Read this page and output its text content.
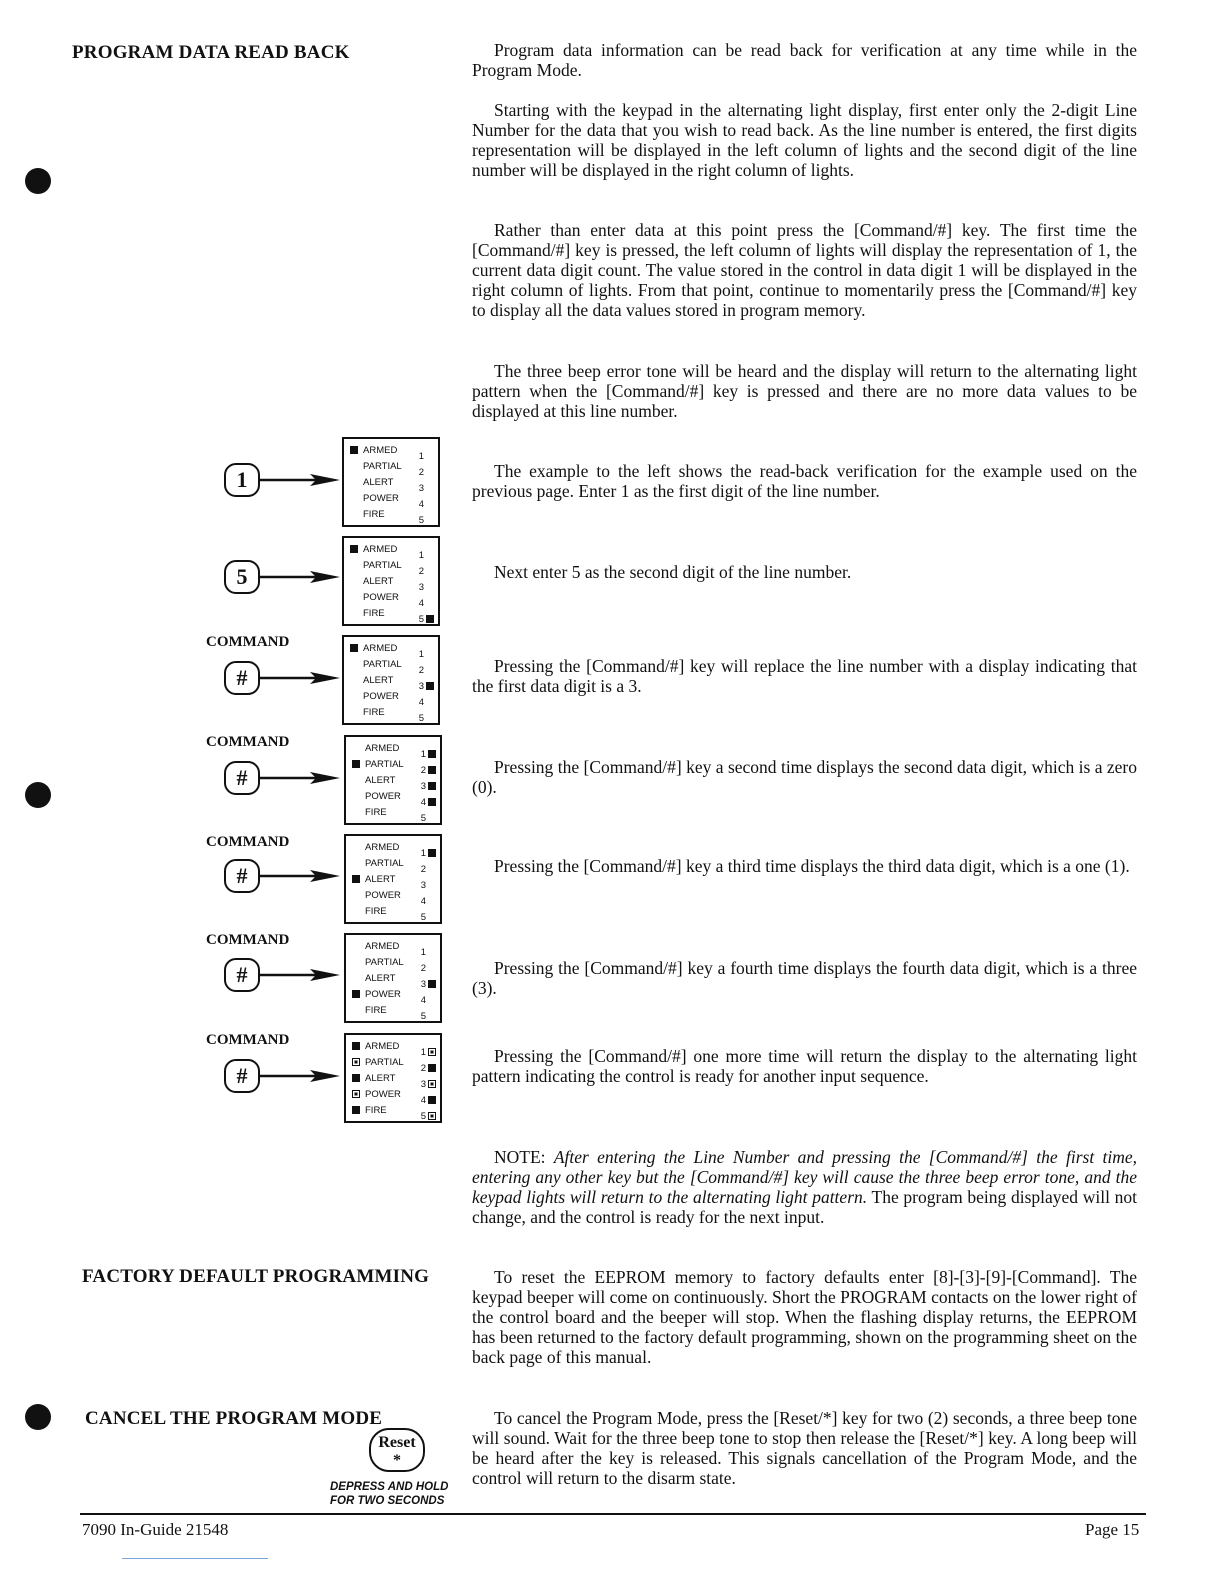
PROGRAM DATA READ BACK
FACTORY DEFAULT PROGRAMMING
CANCEL THE PROGRAM MODE
Program data information can be read back for verification at any time while in the Program Mode.
Starting with the keypad in the alternating light display, first enter only the 2-digit Line Number for the data that you wish to read back. As the line number is entered, the first digits representation will be displayed in the left column of lights and the second digit of the line number will be displayed in the right column of lights.
Rather than enter data at this point press the [Command/#] key. The first time the [Command/#] key is pressed, the left column of lights will display the representation of 1, the current data digit count. The value stored in the control in data digit 1 will be displayed in the right column of lights. From that point, continue to momentarily press the [Command/#] key to display all the data values stored in program memory.
The three beep error tone will be heard and the display will return to the alternating light pattern when the [Command/#] key is pressed and there are no more data values to be displayed at this line number.
The example to the left shows the read-back verification for the example used on the previous page. Enter 1 as the first digit of the line number.
Next enter 5 as the second digit of the line number.
Pressing the [Command/#] key will replace the line number with a display indicating that the first data digit is a 3.
Pressing the [Command/#] key a second time displays the second data digit, which is a zero (0).
Pressing the [Command/#] key a third time displays the third data digit, which is a one (1).
Pressing the [Command/#] key a fourth time displays the fourth data digit, which is a three (3).
Pressing the [Command/#] one more time will return the display to the alternating light pattern indicating the control is ready for another input sequence.
NOTE: After entering the Line Number and pressing the [Command/#] the first time, entering any other key but the [Command/#] key will cause the three beep error tone, and the keypad lights will return to the alternating light pattern. The program being displayed will not change, and the control is ready for the next input.
To reset the EEPROM memory to factory defaults enter [8]-[3]-[9]-[Command]. The keypad beeper will come on continuously. Short the PROGRAM contacts on the lower right of the control board and the beeper will stop. When the flashing display returns, the EEPROM has been returned to the factory default programming, shown on the programming sheet on the back page of this manual.
To cancel the Program Mode, press the [Reset/*] key for two (2) seconds, a three beep tone will sound. Wait for the three beep tone to stop then release the [Reset/*] key. A long beep will be heard after the key is released. This signals cancellation of the Program Mode, and the control will return to the disarm state.
1
ARMED
1
PARTIAL
2
ALERT
3
POWER
4
FIRE
5
5
ARMED
1
PARTIAL
2
ALERT
3
POWER
4
FIRE
5
COMMAND
#
ARMED
1
PARTIAL
2
ALERT
3
POWER
4
FIRE
5
COMMAND
#
ARMED
1
PARTIAL
2
ALERT
3
POWER
4
FIRE
5
COMMAND
#
ARMED
1
PARTIAL
2
ALERT
3
POWER
4
FIRE
5
COMMAND
#
ARMED
1
PARTIAL
2
ALERT
3
POWER
4
FIRE
5
COMMAND
#
ARMED
1
PARTIAL
2
ALERT
3
POWER
4
FIRE
5
Reset
*
DEPRESS AND HOLD
FOR TWO SECONDS
7090 In-Guide 21548	Page 15
